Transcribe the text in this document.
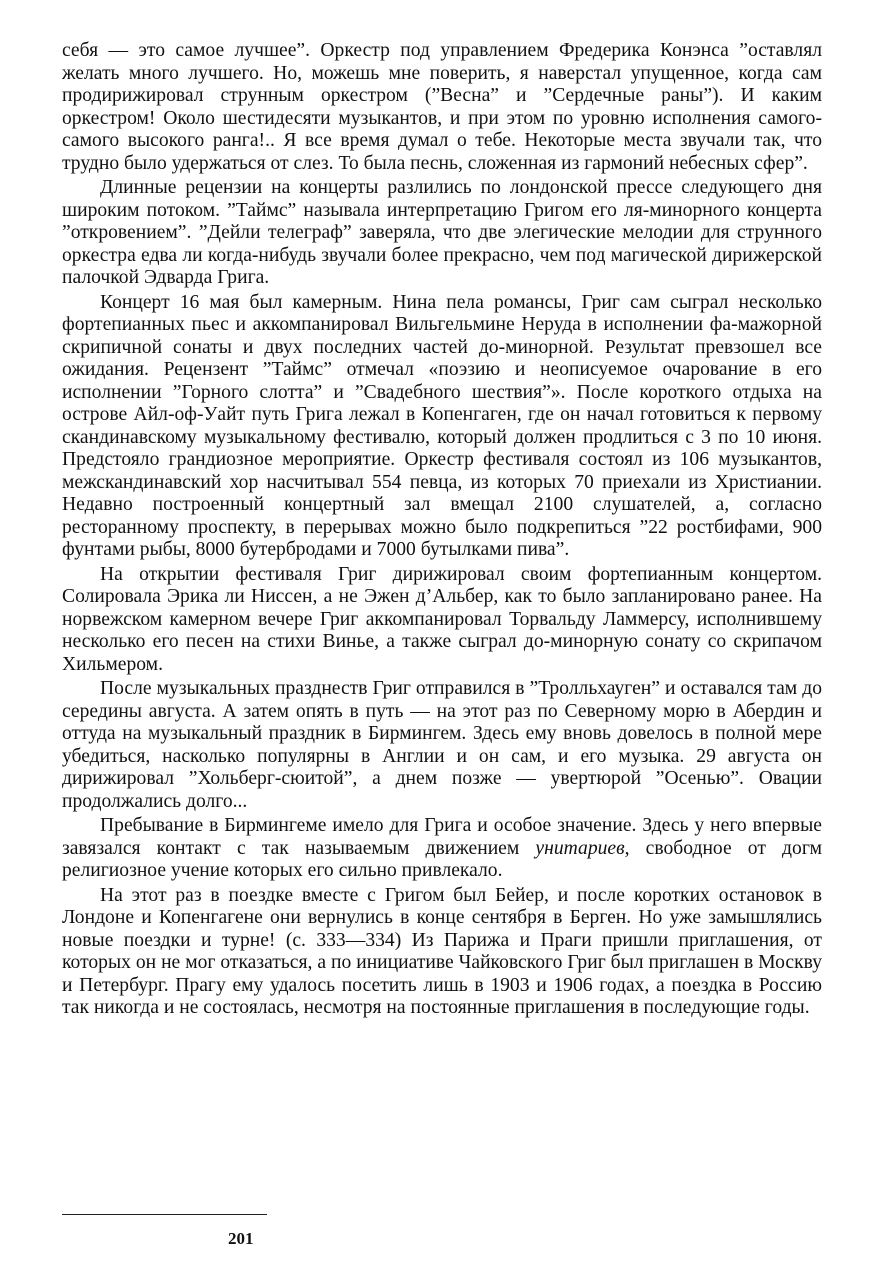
себя — это самое лучшее”. Оркестр под управлением Фредерика Конэнса ”оставлял желать много лучшего. Но, можешь мне поверить, я наверстал упущенное, когда сам продирижировал струнным оркестром (”Весна” и ”Сердечные раны”). И каким оркестром! Около шестидесяти музыкантов, и при этом по уровню исполнения самого-самого высокого ранга!.. Я все время думал о тебе. Некоторые места звучали так, что трудно было удержаться от слез. То была песнь, сложенная из гармоний небесных сфер”.

Длинные рецензии на концерты разлились по лондонской прессе следующего дня широким потоком. ”Таймс” называла интерпретацию Григом его ля-минорного концерта ”откровением”. ”Дейли телеграф” заверяла, что две элегические мелодии для струнного оркестра едва ли когда-нибудь звучали более прекрасно, чем под магической дирижерской палочкой Эдварда Грига.

Концерт 16 мая был камерным. Нина пела романсы, Григ сам сыграл несколько фортепианных пьес и аккомпанировал Вильгельмине Неруда в исполнении фа-мажорной скрипичной сонаты и двух последних частей до-минорной. Результат превзошел все ожидания. Рецензент ”Таймс” отмечал «поэзию и неописуемое очарование в его исполнении ”Горного слотта” и ”Свадебного шествия”». После короткого отдыха на острове Айл-оф-Уайт путь Грига лежал в Копенгаген, где он начал готовиться к первому скандинавскому музыкальному фестивалю, который должен продлиться с 3 по 10 июня. Предстояло грандиозное мероприятие. Оркестр фестиваля состоял из 106 музыкантов, межскандинавский хор насчитывал 554 певца, из которых 70 приехали из Христиании. Недавно построенный концертный зал вмещал 2100 слушателей, а, согласно ресторанному проспекту, в перерывах можно было подкрепиться ”22 ростбифами, 900 фунтами рыбы, 8000 бутербродами и 7000 бутылками пива”.

На открытии фестиваля Григ дирижировал своим фортепианным концертом. Солировала Эрика ли Ниссен, а не Эжен д’Альбер, как то было запланировано ранее. На норвежском камерном вечере Григ аккомпанировал Торвальду Ламмерсу, исполнившему несколько его песен на стихи Винье, а также сыграл до-минорную сонату со скрипачом Хильмером.

После музыкальных празднеств Григ отправился в ”Тролльхауген” и оставался там до середины августа. А затем опять в путь — на этот раз по Северному морю в Абердин и оттуда на музыкальный праздник в Бирмингем. Здесь ему вновь довелось в полной мере убедиться, насколько популярны в Англии и он сам, и его музыка. 29 августа он дирижировал ”Хольберг-сюитой”, а днем позже — увертюрой ”Осенью”. Овации продолжались долго...

Пребывание в Бирмингеме имело для Грига и особое значение. Здесь у него впервые завязался контакт с так называемым движением унитариев, свободное от догм религиозное учение которых его сильно привлекало.

На этот раз в поездке вместе с Григом был Бейер, и после коротких остановок в Лондоне и Копенгагене они вернулись в конце сентября в Берген. Но уже замышлялись новые поездки и турне! (с. 333—334) Из Парижа и Праги пришли приглашения, от которых он не мог отказаться, а по инициативе Чайковского Григ был приглашен в Москву и Петербург. Прагу ему удалось посетить лишь в 1903 и 1906 годах, а поездка в Россию так никогда и не состоялась, несмотря на постоянные приглашения в последующие годы.

201
